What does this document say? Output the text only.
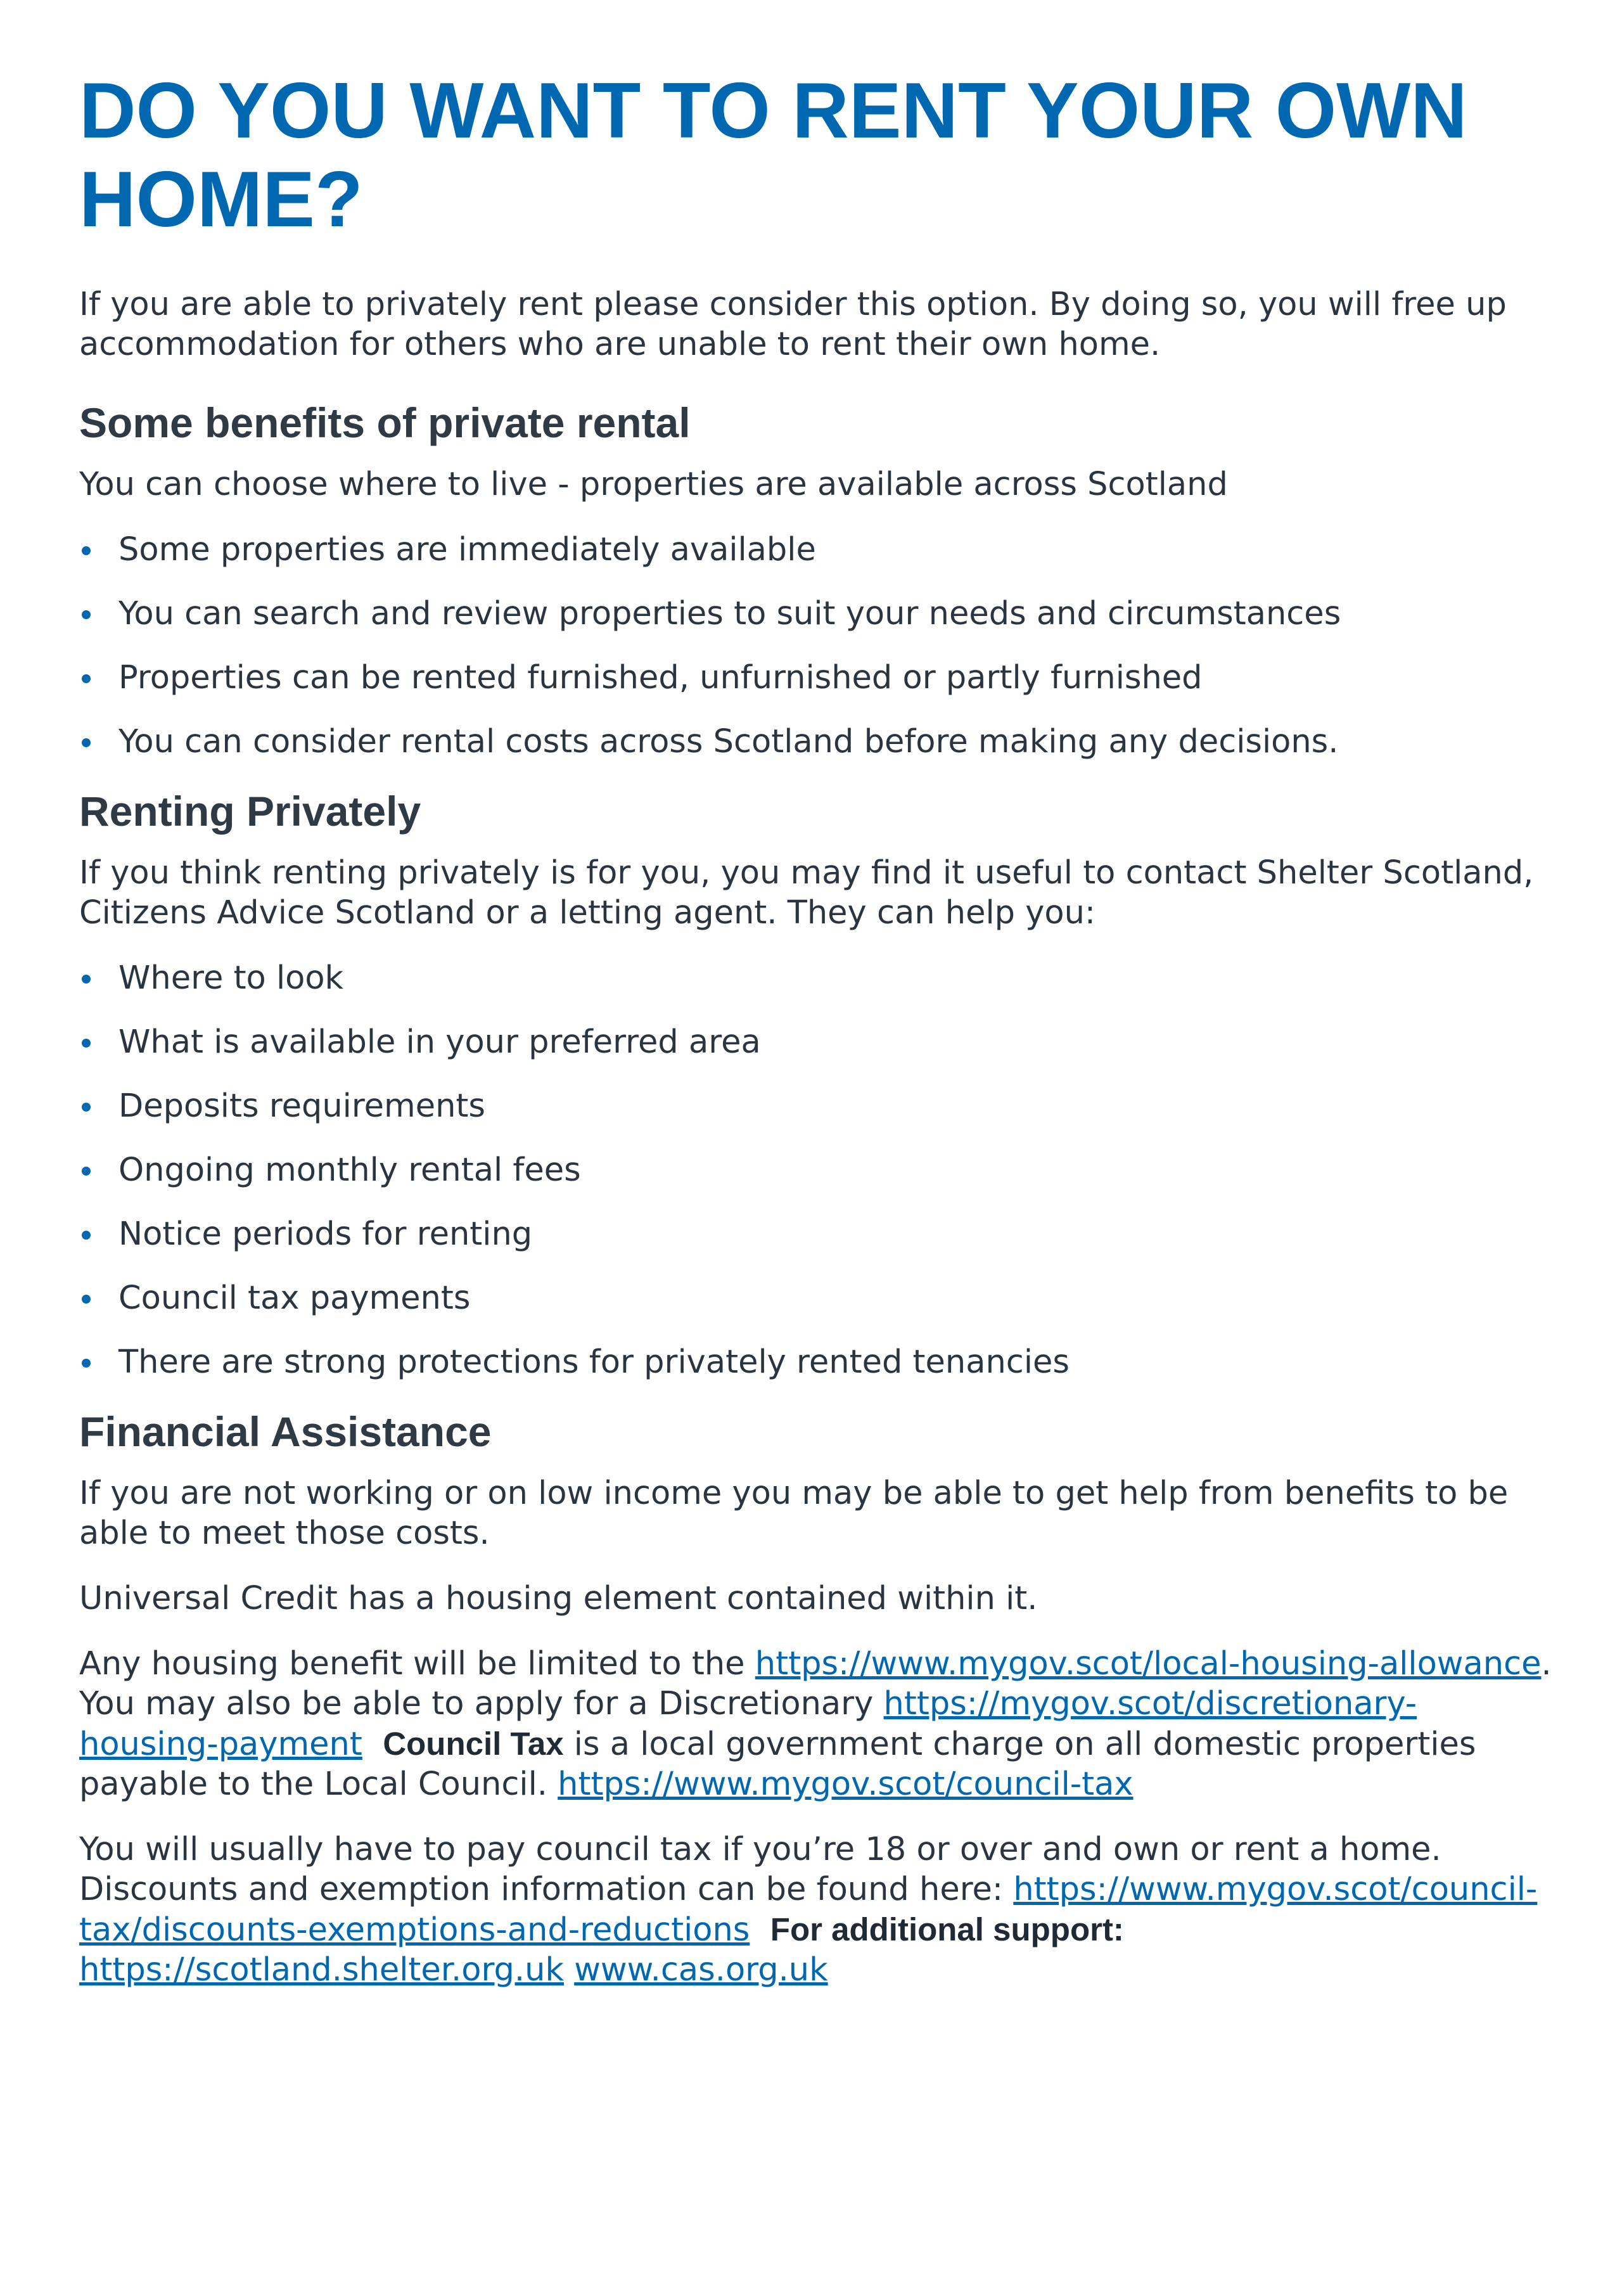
DO YOU WANT TO RENT YOUR OWN HOME?

If you are able to privately rent please consider this option. By doing so, you will free up accommodation for others who are unable to rent their own home.

Some benefits of private rental

You can choose where to live - properties are available across Scotland

Some properties are immediately available
You can search and review properties to suit your needs and circumstances
Properties can be rented furnished, unfurnished or partly furnished
You can consider rental costs across Scotland before making any decisions.
Renting Privately

If you think renting privately is for you, you may find it useful to contact Shelter Scotland, Citizens Advice Scotland or a letting agent. They can help you:

Where to look
What is available in your preferred area
Deposits requirements
Ongoing monthly rental fees
Notice periods for renting
Council tax payments
There are strong protections for privately rented tenancies
Financial Assistance

If you are not working or on low income you may be able to get help from benefits to be able to meet those costs.

Universal Credit has a housing element contained within it.

Any housing benefit will be limited to the https://www.mygov.scot/local-housing-allowance. You may also be able to apply for a Discretionary https://mygov.scot/discretionary-housing-payment Council Tax is a local government charge on all domestic properties payable to the Local Council. https://www.mygov.scot/council-tax

You will usually have to pay council tax if you’re 18 or over and own or rent a home. Discounts and exemption information can be found here: https://www.mygov.scot/council-tax/discounts-exemptions-and-reductions For additional support: https://scotland.shelter.org.uk www.cas.org.uk
